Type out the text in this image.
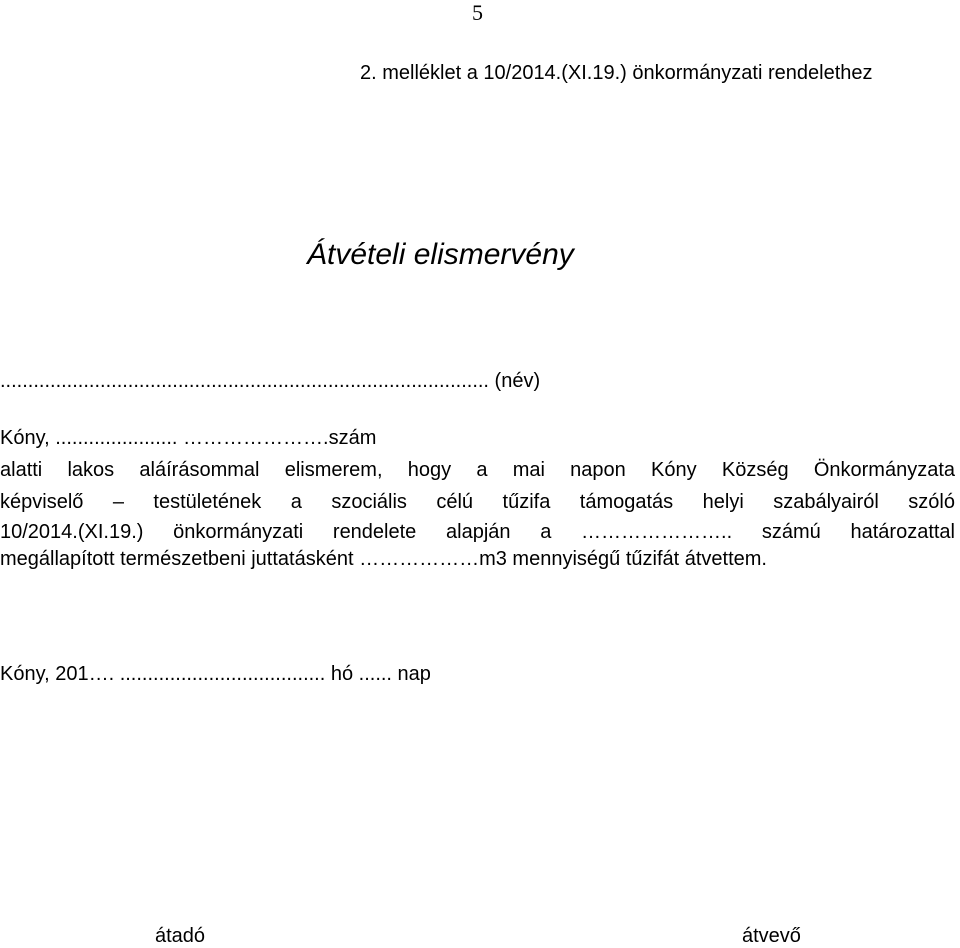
5
2. melléklet a 10/2014.(XI.19.) önkormányzati rendelethez
Átvételi elismervény
........................................................................................ (név)
Kóny, ...................... ………………….szám
alatti lakos aláírásommal elismerem, hogy a mai napon Kóny Község Önkormányzata
képviselő – testületének a szociális célú tűzifa támogatás helyi szabályairól szóló
10/2014.(XI.19.) önkormányzati rendelete alapján a ………………….. számú határozattal
megállapított természetbeni juttatásként ………………m3 mennyiségű tűzifát átvettem.
Kóny, 201…. ..................................... hó ...... nap
átadó	átvevő
